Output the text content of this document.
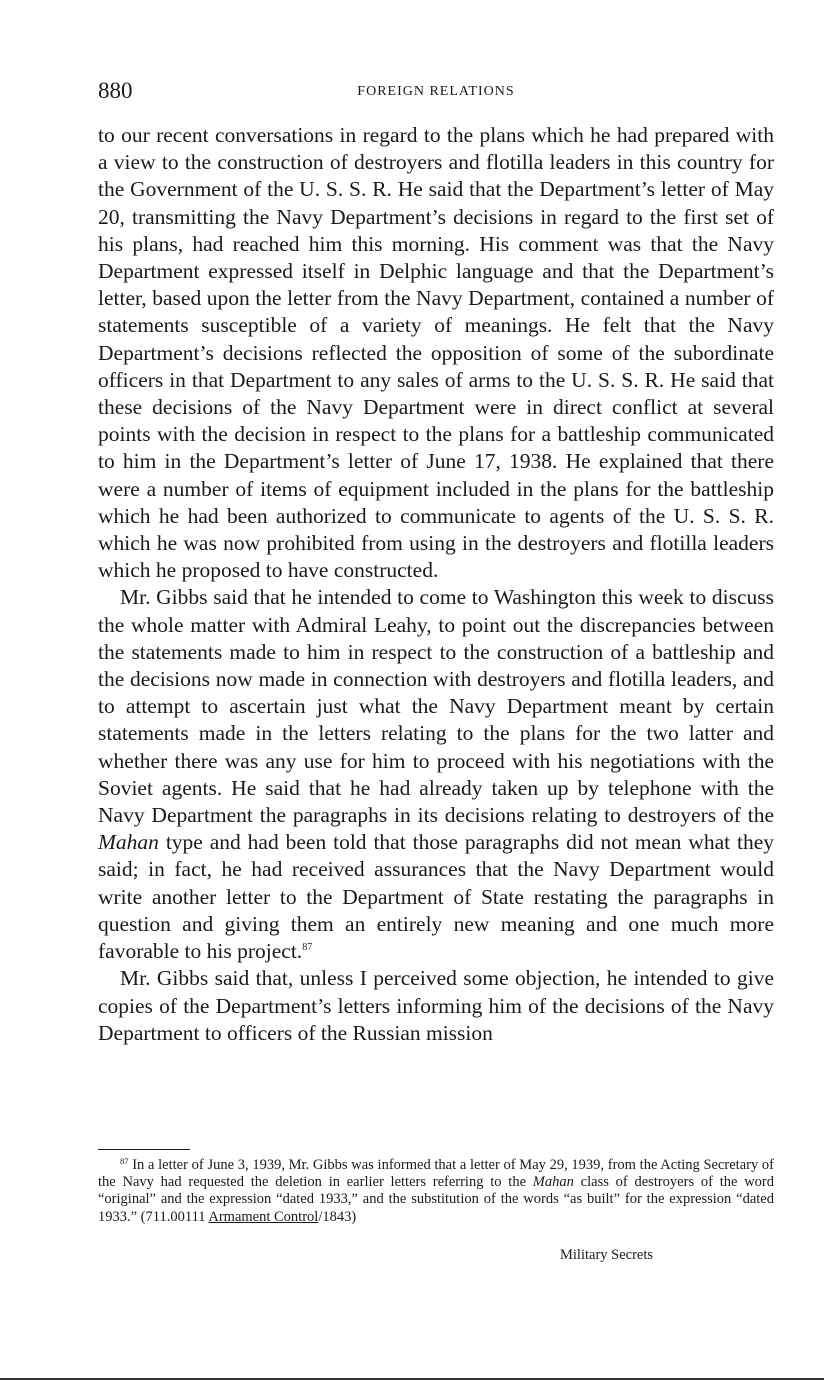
880	FOREIGN RELATIONS

to our recent conversations in regard to the plans which he had prepared with a view to the construction of destroyers and flotilla leaders in this country for the Government of the U. S. S. R. He said that the Department’s letter of May 20, transmitting the Navy Department’s decisions in regard to the first set of his plans, had reached him this morning. His comment was that the Navy Department expressed itself in Delphic language and that the Department’s letter, based upon the letter from the Navy Department, contained a number of statements susceptible of a variety of meanings. He felt that the Navy Department’s decisions reflected the opposition of some of the subordinate officers in that Department to any sales of arms to the U. S. S. R. He said that these decisions of the Navy Department were in direct conflict at several points with the decision in respect to the plans for a battleship communicated to him in the Department’s letter of June 17, 1938. He explained that there were a number of items of equipment included in the plans for the battleship which he had been authorized to communicate to agents of the U. S. S. R. which he was now prohibited from using in the destroyers and flotilla leaders which he proposed to have constructed.

Mr. Gibbs said that he intended to come to Washington this week to discuss the whole matter with Admiral Leahy, to point out the discrepancies between the statements made to him in respect to the construction of a battleship and the decisions now made in connection with destroyers and flotilla leaders, and to attempt to ascertain just what the Navy Department meant by certain statements made in the letters relating to the plans for the two latter and whether there was any use for him to proceed with his negotiations with the Soviet agents. He said that he had already taken up by telephone with the Navy Department the paragraphs in its decisions relating to destroyers of the Mahan type and had been told that those paragraphs did not mean what they said; in fact, he had received assurances that the Navy Department would write another letter to the Department of State restating the paragraphs in question and giving them an entirely new meaning and one much more favorable to his project.$^{87}$

Mr. Gibbs said that, unless I perceived some objection, he intended to give copies of the Department’s letters informing him of the decisions of the Navy Department to officers of the Russian mission

$^{87}$ In a letter of June 3, 1939, Mr. Gibbs was informed that a letter of May 29, 1939, from the Acting Secretary of the Navy had requested the deletion in earlier letters referring to the Mahan class of destroyers of the word “original” and the expression “dated 1933,” and the substitution of the words “as built” for the expression “dated 1933.” (711.00111 Armament Control/1843)

Military Secrets
